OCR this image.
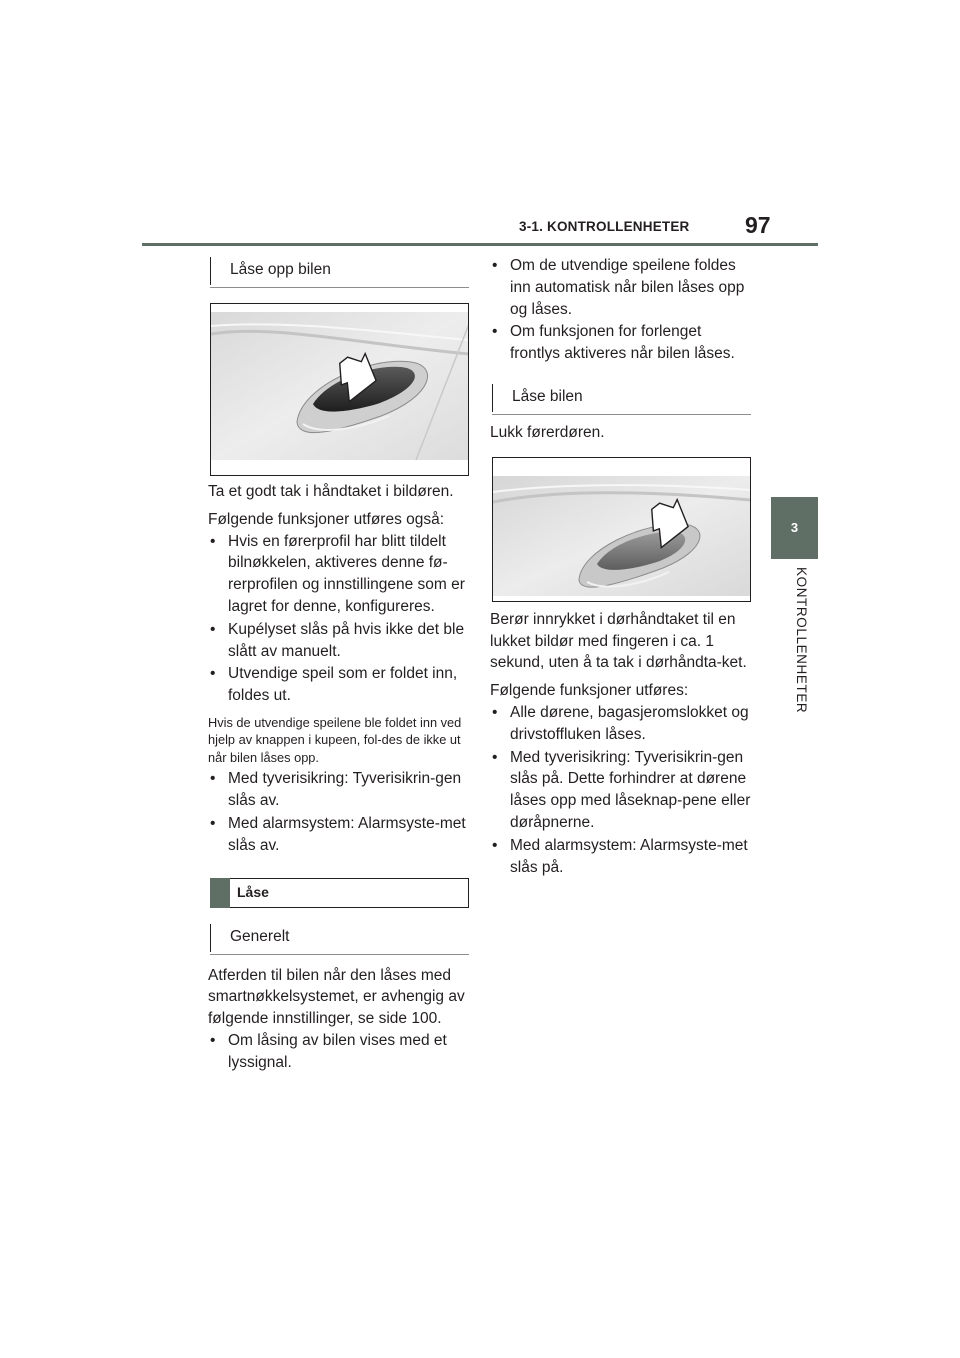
3-1. KONTROLLENHETER 97
3
KONTROLLENHETER
Låse opp bilen

Ta et godt tak i håndtaket i bildøren.

Følgende funksjoner utføres også:

• Hvis en førerprofil har blitt tildelt bilnøkkelen, aktiveres denne fø-rerprofilen og innstillingene som er lagret for denne, konfigureres.
• Kupélyset slås på hvis ikke det ble slått av manuelt.
• Utvendige speil som er foldet inn, foldes ut.

Hvis de utvendige speilene ble foldet inn ved hjelp av knappen i kupeen, fol-des de ikke ut når bilen låses opp.

• Med tyverisikring: Tyverisikrin-gen slås av.
• Med alarmsystem: Alarmsyste-met slås av.
Låse
Generelt

Atferden til bilen når den låses med smartnøkkelsystemet, er avhengig av følgende innstillinger, se side 100.

• Om låsing av bilen vises med et lyssignal.
• Om de utvendige speilene foldes inn automatisk når bilen låses opp og låses.
• Om funksjonen for forlenget frontlys aktiveres når bilen låses.
Låse bilen

Lukk førerdøren.

Berør innrykket i dørhåndtaket til en lukket bildør med fingeren i ca. 1 sekund, uten å ta tak i dørhåndta-ket.

Følgende funksjoner utføres:

• Alle dørene, bagasjeromslokket og drivstoffluken låses.
• Med tyverisikring: Tyverisikrin-gen slås på. Dette forhindrer at dørene låses opp med låseknap-pene eller døråpnerne.
• Med alarmsystem: Alarmsyste-met slås på.
